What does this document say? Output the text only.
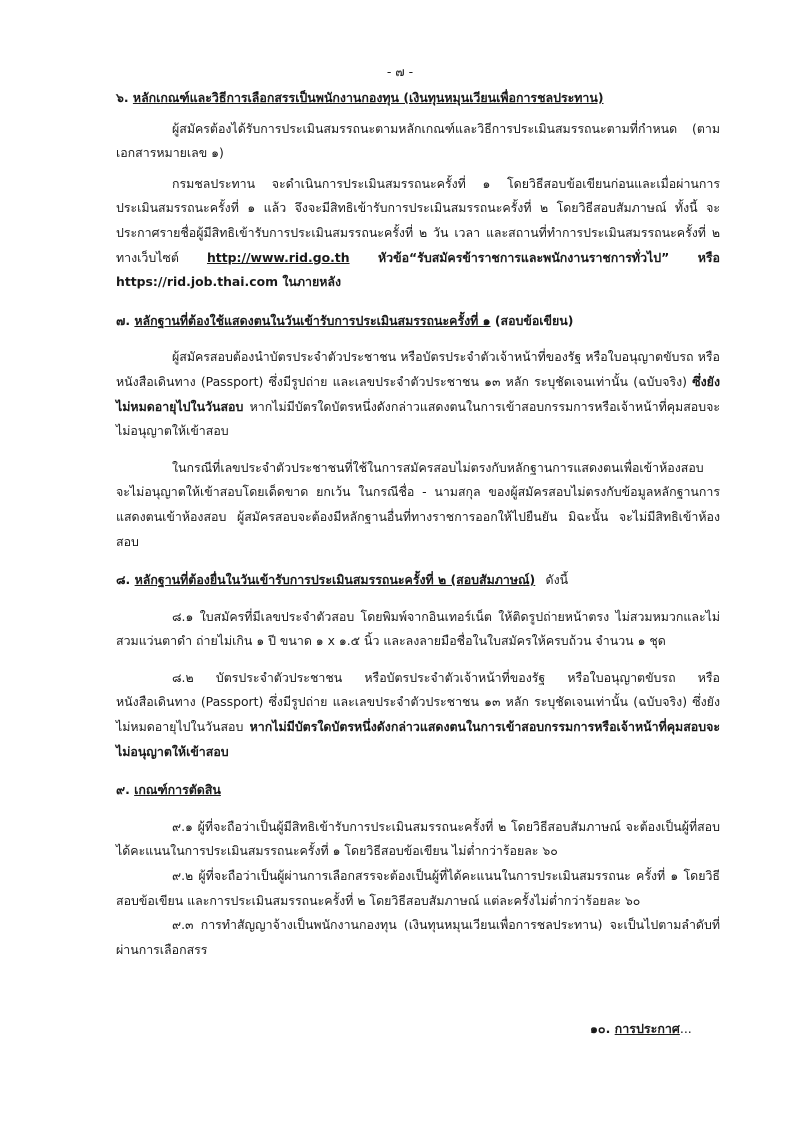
- ๗ -
๖. หลักเกณฑ์และวิธีการเลือกสรรเป็นพนักงานกองทุน (เงินทุนหมุนเวียนเพื่อการชลประทาน)

ผู้สมัครต้องได้รับการประเมินสมรรถนะตามหลักเกณฑ์และวิธีการประเมินสมรรถนะตามที่กำหนด (ตามเอกสารหมายเลข ๑)

กรมชลประทาน จะดำเนินการประเมินสมรรถนะครั้งที่ ๑ โดยวิธีสอบข้อเขียนก่อนและเมื่อผ่านการประเมินสมรรถนะครั้งที่ ๑ แล้ว จึงจะมีสิทธิเข้ารับการประเมินสมรรถนะครั้งที่ ๒ โดยวิธีสอบสัมภาษณ์ ทั้งนี้ จะประกาศรายชื่อผู้มีสิทธิเข้ารับการประเมินสมรรถนะครั้งที่ ๒ วัน เวลา และสถานที่ทำการประเมินสมรรถนะครั้งที่ ๒ ทางเว็บไซต์ http://www.rid.go.th หัวข้อ“รับสมัครข้าราชการและพนักงานราชการทั่วไป” หรือ https://rid.job.thai.com ในภายหลัง

๗. หลักฐานที่ต้องใช้แสดงตนในวันเข้ารับการประเมินสมรรถนะครั้งที่ ๑ (สอบข้อเขียน)

ผู้สมัครสอบต้องนำบัตรประจำตัวประชาชน หรือบัตรประจำตัวเจ้าหน้าที่ของรัฐ หรือใบอนุญาตขับรถ หรือหนังสือเดินทาง (Passport) ซึ่งมีรูปถ่าย และเลขประจำตัวประชาชน ๑๓ หลัก ระบุชัดเจนเท่านั้น (ฉบับจริง) ซึ่งยังไม่หมดอายุไปในวันสอบ หากไม่มีบัตรใดบัตรหนึ่งดังกล่าวแสดงตนในการเข้าสอบกรรมการหรือเจ้าหน้าที่คุมสอบจะไม่อนุญาตให้เข้าสอบ

ในกรณีที่เลขประจำตัวประชาชนที่ใช้ในการสมัครสอบไม่ตรงกับหลักฐานการแสดงตนเพื่อเข้าห้องสอบ จะไม่อนุญาตให้เข้าสอบโดยเด็ดขาด ยกเว้น ในกรณีชื่อ - นามสกุล ของผู้สมัครสอบไม่ตรงกับข้อมูลหลักฐานการแสดงตนเข้าห้องสอบ ผู้สมัครสอบจะต้องมีหลักฐานอื่นที่ทางราชการออกให้ไปยืนยัน มิฉะนั้น จะไม่มีสิทธิเข้าห้องสอบ

๘. หลักฐานที่ต้องยื่นในวันเข้ารับการประเมินสมรรถนะครั้งที่ ๒ (สอบสัมภาษณ์) ดังนี้

๘.๑ ใบสมัครที่มีเลขประจำตัวสอบ โดยพิมพ์จากอินเทอร์เน็ต ให้ติดรูปถ่ายหน้าตรง ไม่สวมหมวกและไม่สวมแว่นตาดำ ถ่ายไม่เกิน ๑ ปี ขนาด ๑ x ๑.๕ นิ้ว และลงลายมือชื่อในใบสมัครให้ครบถ้วน จำนวน ๑ ชุด

๘.๒ บัตรประจำตัวประชาชน หรือบัตรประจำตัวเจ้าหน้าที่ของรัฐ หรือใบอนุญาตขับรถ หรือหนังสือเดินทาง (Passport) ซึ่งมีรูปถ่าย และเลขประจำตัวประชาชน ๑๓ หลัก ระบุชัดเจนเท่านั้น (ฉบับจริง) ซึ่งยังไม่หมดอายุไปในวันสอบ หากไม่มีบัตรใดบัตรหนึ่งดังกล่าวแสดงตนในการเข้าสอบกรรมการหรือเจ้าหน้าที่คุมสอบจะไม่อนุญาตให้เข้าสอบ

๙. เกณฑ์การตัดสิน

๙.๑ ผู้ที่จะถือว่าเป็นผู้มีสิทธิเข้ารับการประเมินสมรรถนะครั้งที่ ๒ โดยวิธีสอบสัมภาษณ์ จะต้องเป็นผู้ที่สอบได้คะแนนในการประเมินสมรรถนะครั้งที่ ๑ โดยวิธีสอบข้อเขียน ไม่ต่ำกว่าร้อยละ ๖๐

๙.๒ ผู้ที่จะถือว่าเป็นผู้ผ่านการเลือกสรรจะต้องเป็นผู้ที่ได้คะแนนในการประเมินสมรรถนะ ครั้งที่ ๑ โดยวิธีสอบข้อเขียน และการประเมินสมรรถนะครั้งที่ ๒ โดยวิธีสอบสัมภาษณ์ แต่ละครั้งไม่ต่ำกว่าร้อยละ ๖๐

๙.๓ การทำสัญญาจ้างเป็นพนักงานกองทุน (เงินทุนหมุนเวียนเพื่อการชลประทาน) จะเป็นไปตามลำดับที่ผ่านการเลือกสรร

๑๐. การประกาศ...
